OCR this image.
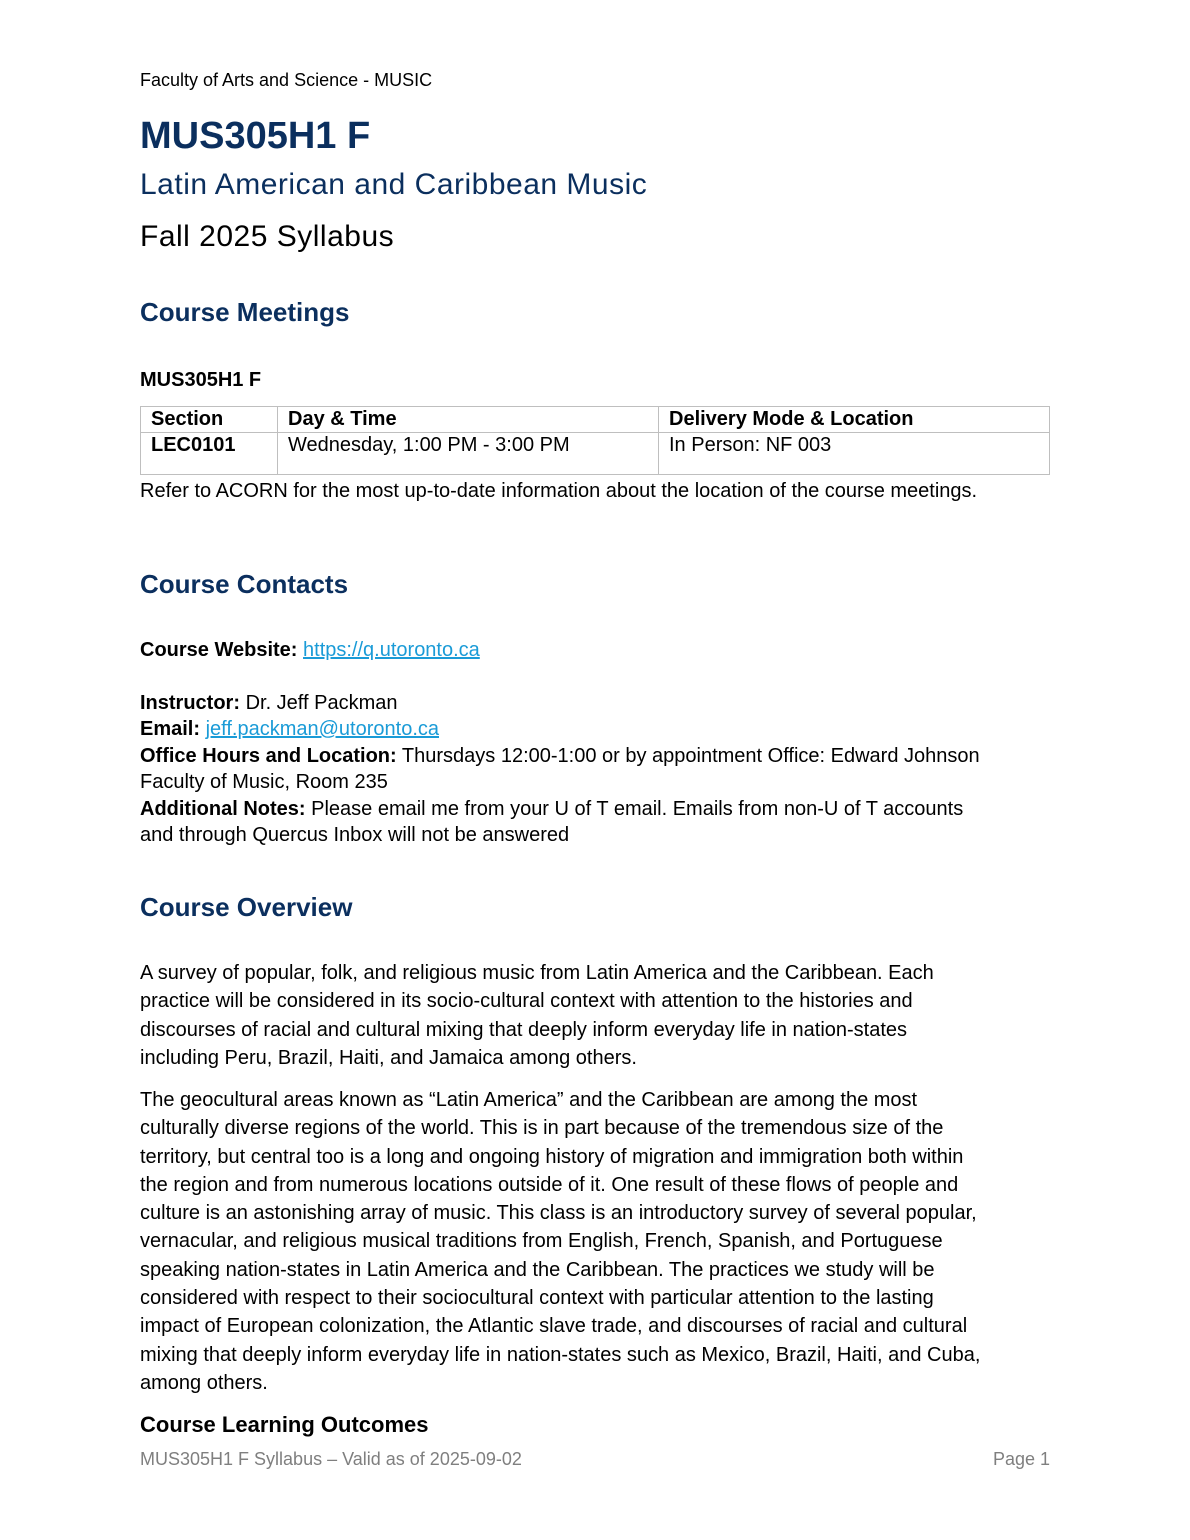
Faculty of Arts and Science - MUSIC
MUS305H1 F
Latin American and Caribbean Music
Fall 2025 Syllabus
Course Meetings
MUS305H1 F
Section	Day & Time	Delivery Mode & Location
LEC0101	Wednesday, 1:00 PM - 3:00 PM	In Person: NF 003
Refer to ACORN for the most up-to-date information about the location of the course meetings.
Course Contacts
Course Website: https://q.utoronto.ca
Instructor: Dr. Jeff Packman
Email: jeff.packman@utoronto.ca
Office Hours and Location: Thursdays 12:00-1:00 or by appointment Office: Edward Johnson
Faculty of Music, Room 235
Additional Notes: Please email me from your U of T email. Emails from non-U of T accounts
and through Quercus Inbox will not be answered
Course Overview
A survey of popular, folk, and religious music from Latin America and the Caribbean. Each
practice will be considered in its socio-cultural context with attention to the histories and
discourses of racial and cultural mixing that deeply inform everyday life in nation-states
including Peru, Brazil, Haiti, and Jamaica among others.
The geocultural areas known as “Latin America” and the Caribbean are among the most
culturally diverse regions of the world. This is in part because of the tremendous size of the
territory, but central too is a long and ongoing history of migration and immigration both within
the region and from numerous locations outside of it. One result of these flows of people and
culture is an astonishing array of music. This class is an introductory survey of several popular,
vernacular, and religious musical traditions from English, French, Spanish, and Portuguese
speaking nation-states in Latin America and the Caribbean. The practices we study will be
considered with respect to their sociocultural context with particular attention to the lasting
impact of European colonization, the Atlantic slave trade, and discourses of racial and cultural
mixing that deeply inform everyday life in nation-states such as Mexico, Brazil, Haiti, and Cuba,
among others.
Course Learning Outcomes
MUS305H1 F Syllabus – Valid as of 2025-09-02	Page 1
